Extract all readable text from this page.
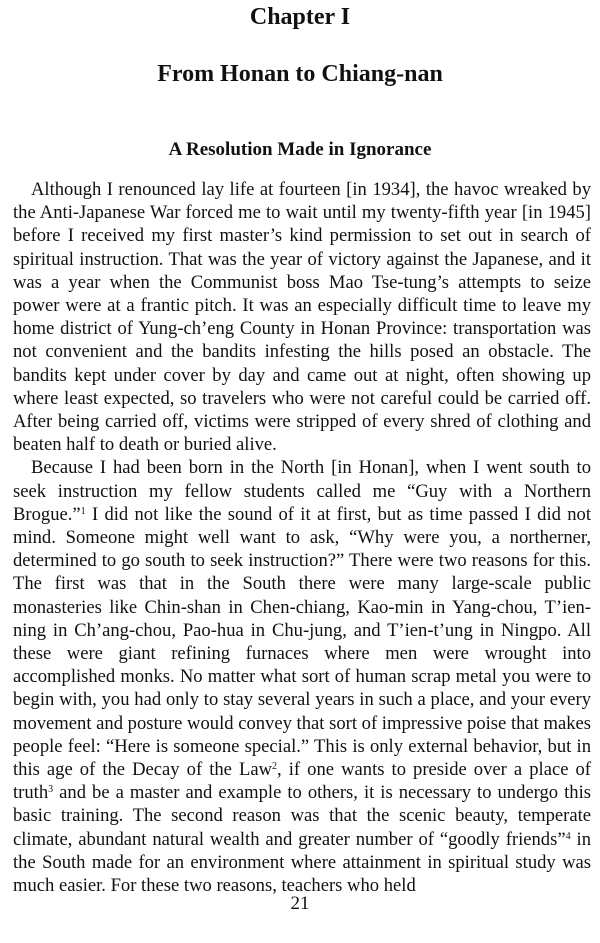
Chapter I
From Honan to Chiang-nan
A Resolution Made in Ignorance

Although I renounced lay life at fourteen [in 1934], the havoc wreaked by the Anti-Japanese War forced me to wait until my twenty-fifth year [in 1945] before I received my first master’s kind permission to set out in search of spiritual instruction. That was the year of victory against the Japanese, and it was a year when the Communist boss Mao Tse-tung’s attempts to seize power were at a frantic pitch. It was an especially difficult time to leave my home district of Yung-ch’eng County in Honan Province: transportation was not convenient and the bandits infesting the hills posed an obstacle. The bandits kept under cover by day and came out at night, often showing up where least expected, so travelers who were not careful could be carried off. After being carried off, victims were stripped of every shred of clothing and beaten half to death or buried alive.

Because I had been born in the North [in Honan], when I went south to seek instruction my fellow students called me “Guy with a Northern Brogue.”$^1$ I did not like the sound of it at first, but as time passed I did not mind. Someone might well want to ask, “Why were you, a northerner, determined to go south to seek instruction?” There were two reasons for this. The first was that in the South there were many large-scale public monasteries like Chin-shan in Chen-chiang, Kao-min in Yang-chou, T’ien-ning in Ch’ang-chou, Pao-hua in Chu-jung, and T’ien-t’ung in Ningpo. All these were giant refining furnaces where men were wrought into accomplished monks. No matter what sort of human scrap metal you were to begin with, you had only to stay several years in such a place, and your every movement and posture would convey that sort of impressive poise that makes people feel: “Here is someone special.” This is only external behavior, but in this age of the Decay of the Law$^2$, if one wants to preside over a place of truth$^3$ and be a master and example to others, it is necessary to undergo this basic training. The second reason was that the scenic beauty, temperate climate, abundant natural wealth and greater number of “goodly friends”$^4$ in the South made for an environment where attainment in spiritual study was much easier. For these two reasons, teachers who held

21
